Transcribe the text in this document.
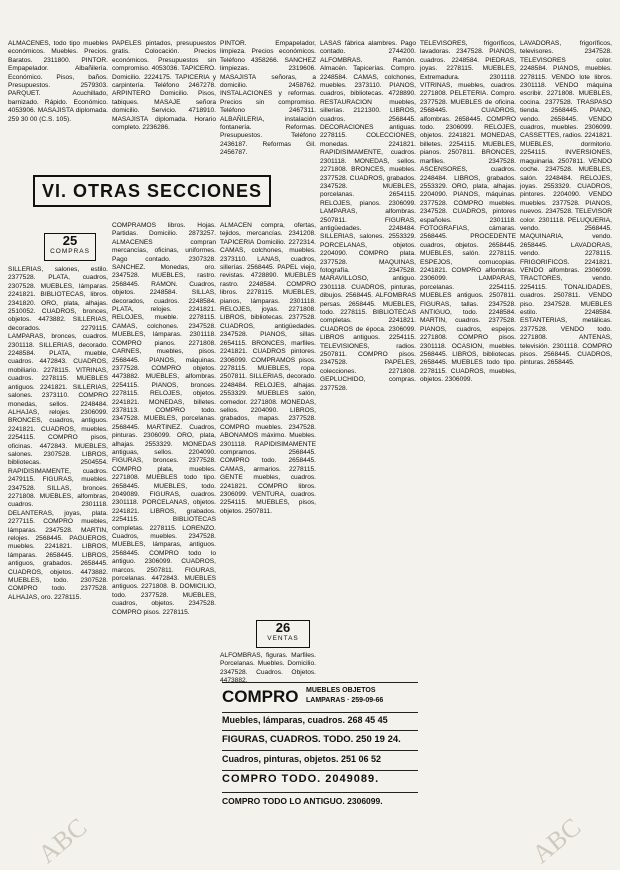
ALMACENES, todo tipo muebles económicos. Muebles. Precios. Baratos. 2311800. PINTOR. Empapelador. Albañilería. Económico. Pisos, baños. Presupuestos. 2579303. PARQUET. Acuchillado, barnizado. Rápido. Económico. 4053906. MASAJISTA diplomada. 259 30 00 (C.S. 105).

PAPELES pintados, presupuestos gratis. Colocación. Precios económicos. Presupuestos sin compromiso. 4053036. TAPICERO. Domicilio. 2224175. TAPICERIA y carpintería. Teléfono 2467278. ARPINTERO Domicilio. Pisos, tabiques. MASAJE señora domicilio. Servicio. 4718910. MASAJISTA diplomada. Horario completo. 2236286.

PINTOR. Empapelador, limpieza. Precios económicos. Teléfono 4358266. SANCHEZ limpiezas. 2319606. MASAJISTA señoras, a domicilio. 2458762. INSTALACIONES y reformas. Precios sin compromiso. Teléfono 2467311. ALBAÑILERIA, instalación fontanería. Reformas. Presupuestos. Teléfono 2436187. Reformas Gil. 2456787.

VI. OTRAS SECCIONES
25
COMPRAS

SILLERIAS, salones, estilo. 2377528. PLATA, cuadros, 2307528. MUEBLES, lámparas. 2241821. BIBLIOTECAS, libros. 2341820. ORO, plata, alhajas. 2510052. CUADROS, bronces, objetos. 4473882. SILLERIAS, decorados. 2279115. LAMPARAS, bronces, cuadros. 2301118. SILLERIAS, decorado. 2248584. PLATA, mueble, cuadros. 4472843. CUADROS, mobiliario. 2278115. VITRINAS, cuadros. 2278115. MUEBLES antiguos. 2241821. SILLERIAS, salones. 2373110. COMPRO monedas, sellos. 2248484. ALHAJAS, relojes. 2306099. BRONCES, cuadros, antiguos. 2241821. CUADROS, muebles. 2254115. COMPRO pisos, oficinas. 4472843. MUEBLES, salones. 2307528. LIBROS, bibliotecas. 2504554. RAPIDISIMAMENTE, cuadros. 2479115. FIGURAS, muebles. 2347528. SILLAS, bronces. 2271808. MUEBLES, alfombras, cuadros. 2301118. DELANTERAS, joyas, plata. 2277115. COMPRO muebles, lámparas. 2347528. MARTIN, relojes. 2568445. PAGUEROS, muebles. 2241821. LIBROS, lámparas. 2658445. LIBROS, antiguos, grabados. 2658445. CUADROS, objetos. 4473882. MUEBLES, todo. 2307528. COMPRO todo. 2377528. ALHAJAS, oro. 2278115.

COMPRAMOS libros. Hojas. Partidas. Domicilio. 2873257. ALMACENES compran mercancías, oficinas, uniformes. Pago contado. 2307328. SANCHEZ. Monedas, oro. 2347528. MUEBLES, rastro. 2568445. RAMON. Cuadros, objetos. 2248584. SILLAS, decorados, cuadros. 2248584. PLATA, relojes. 2241821. RELOJES, mueble. 2278115. CAMAS, colchones. 2347528. MUEBLES, lámparas. 2301118. COMPRO pianos. 2271808. CARNES, muebles, pisos. 2568445. PIANOS, máquinas. 2377528. COMPRO objetos. 4473882. MUEBLES, alfombras. 2254115. PIANOS, bronces. 2278115. RELOJES, objetos. 2241821. MONEDAS, billetes. 2378113. COMPRO todo. 2347528. MUEBLES, porcelanas. 2568445. MARTINEZ. Cuadros, pinturas. 2306099. ORO, plata, alhajas. 2553329. MONEDAS antiguas, sellos. 2204090. FIGURAS, bronces. 2377528. COMPRO plata, muebles. 2271808. MUEBLES todo tipo. 2658445. MUEBLES, todo. 2049089. FIGURAS, cuadros. 2301118. PORCELANAS, objetos. 2241821. LIBROS, grabados. 2254115. BIBLIOTECAS completas. 2278115. LORENZO. Cuadros, muebles. 2347528. MUEBLES, lámparas, antiguos. 2568445. COMPRO todo lo antiguo. 2306099. CUADROS, marcos. 2507811. FIGURAS, porcelanas. 4472843. MUEBLES antiguos. 2271808. B. DOMICILIO, todo. 2377528. MUEBLES, cuadros, objetos. 2347528. COMPRO pisos. 2278115.

ALMACEN compra, ofertas, tejidos, mercancías. 2341208. TAPICERIA Domicilio. 2272314. CAMAS, colchones, muebles. 2373110. LANAS, cuadros, sillerías. 2568445. PAPEL viejo, revistas. 4728890. MUEBLES rastro. 2248584. COMPRO libros. 2278115. MUEBLES, pianos, lámparas. 2301118. RELOJES, joyas. 2271808. LIBROS, bibliotecas. 2377528. CUADROS, antigüedades. 2347528. PIANOS, sillas. 2654115. BRONCES, marfiles. 2241821. CUADROS pintores. 2306099. COMPRAMOS pisos. 2278115. MUEBLES, ropa. 2507811. SILLERIAS, decorado. 2248484. RELOJES, alhajas. 2553329. MUEBLES salón, comedor. 2271808. MONEDAS, sellos. 2204090. LIBROS, grabados, mapas. 2377528. COMPRO muebles. 2347528. ABONAMOS máximo. Muebles. 2301118. RAPIDISIMAMENTE compramos. 2568445. COMPRO todo. 2658445. CAMAS, armarios. 2278115. GENTE muebles, cuadros. 2241821. COMPRO libros. 2306099. VENTURA, cuadros. 2254115. MUEBLES, pisos, objetos. 2507811.

26
VENTAS

ALFOMBRAS, figuras. Marfiles. Porcelanas. Muebles. Domicilio. 2347528. Cuadros. Objetos. 4473882.

LASAS fábrica alambres. Pago contado. 2744200. ALFOMBRAS. Ramón. Almacén. Tapicerías. Compro. 2248584. CAMAS, colchones, muebles. 2373110. PIANOS, cuadros, bibliotecas. 4728890. RESTAURACION muebles, sillerías. 2121300. LIBROS, cuadros. 2568445. DECORACIONES antiguas. 2278115. COLECCIONES, monedas. 2241821. RAPIDISIMAMENTE, cuadros. 2301118. MONEDAS, sellos. 2271808. BRONCES, muebles. 2377528. CUADROS, grabados. 2347528. MUEBLES, porcelanas. 2654115. RELOJES, pianos. 2306099. LAMPARAS, alfombras. 2507811. FIGURAS, antigüedades. 2248484. SILLERIAS, salones. 2553329. PORCELANAS, objetos. 2204090. COMPRO plata. 2377528. MAQUINAS, fotografía. 2347528. MARAVILLOSO, antiguo. 2301118. CUADROS, pinturas, dibujos. 2568445. ALFOMBRAS persas. 2658445. MUEBLES, todo. 2278115. BIBLIOTECAS completas. 2241821. CUADROS de época. 2306099. LIBROS antiguos. 2254115. TELEVISIONES, radios. 2507811. COMPRO pisos. 2347528. PAPELES, colecciones. 2271808. GEPLUCHIDO, compras. 2377528.

TELEVISORES, frigoríficos, lavadoras. 2347528. PIANOS, cuadros. 2248584. PIEDRAS, joyas. 2278115. MUEBLES, Extremadura. 2301118. VITRINAS, muebles, cuadros. 2271808. PELETERIA. Compro. 2377528. MUEBLES de oficina. 2568445. CUADROS, alfombras. 2658445. COMPRO todo. 2306099. RELOJES, objetos. 2241821. MONEDAS, billetes. 2254115. MUEBLES, pianos. 2507811. BRONCES, marfiles. 2347528. ASCENSORES, cuadros. 2248484. LIBROS, grabados. 2553329. ORO, plata, alhajas. 2204090. PIANOS, máquinas. 2377528. COMPRO muebles. 2347528. CUADROS, pintores españoles. 2301118. FOTOGRAFIAS, cámaras. 2568445. PROCEDENTE cuadros, objetos. 2658445. MUEBLES, salón. 2278115. ESPEJOS, cornucopias. 2241821. COMPRO alfombras. 2306099. LAMPARAS, porcelanas. 2254115. MUEBLES antiguos. 2507811. FIGURAS, tallas. 2347528. ANTIGUO, todo. 2248584. MARTIN, cuadros. 2377528. PIANOS, cuadros, espejos. 2271808. COMPRO pisos. 2301118. OCASION, muebles. 2568445. LIBROS, bibliotecas. 2658445. MUEBLES todo tipo. 2278115. CUADROS, muebles, objetos. 2306099.

LAVADORAS, frigoríficos, televisores. 2347528. TELEVISORES color. 2248584. PIANOS, muebles. 2278115. VENDO lote libros. 2301118. VENDO máquina escribir. 2271808. MUEBLES, cocina. 2377528. TRASPASO tienda. 2568445. PIANO, vendo. 2658445. VENDO cuadros, muebles. 2306099. CASSETTES, radios. 2241821. MUEBLES, dormitorio. 2254115. INVERSIONES, maquinaria. 2507811. VENDO coche. 2347528. MUEBLES, salón. 2248484. RELOJES, joyas. 2553329. CUADROS, pintores. 2204090. VENDO muebles. 2377528. PIANOS, nuevos. 2347528. TELEVISOR color. 2301118. PELUQUERIA, vendo. 2568445. MAQUINARIA, vendo. 2658445. LAVADORAS, vendo. 2278115. FRIGORIFICOS. 2241821. VENDO alfombras. 2306099. TRACTORES, vendo. 2254115. TONALIDADES, cuadros. 2507811. VENDO piso. 2347528. MUEBLES estilo. 2248584. ESTANTERIAS, metálicas. 2377528. VENDO todo. 2271808. ANTENAS, televisión. 2301118. COMPRO pisos. 2568445. CUADROS, pinturas. 2658445.

COMPRO MUEBLES OBJETOS
LAMPARAS · 259-09-66
Muebles, lámparas, cuadros. 268 45 45
FIGURAS, CUADROS. TODO. 250 19 24.
Cuadros, pinturas, objetos. 251 06 52
COMPRO TODO. 2049089.
COMPRO TODO LO ANTIGUO. 2306099.
ABC	ABC
